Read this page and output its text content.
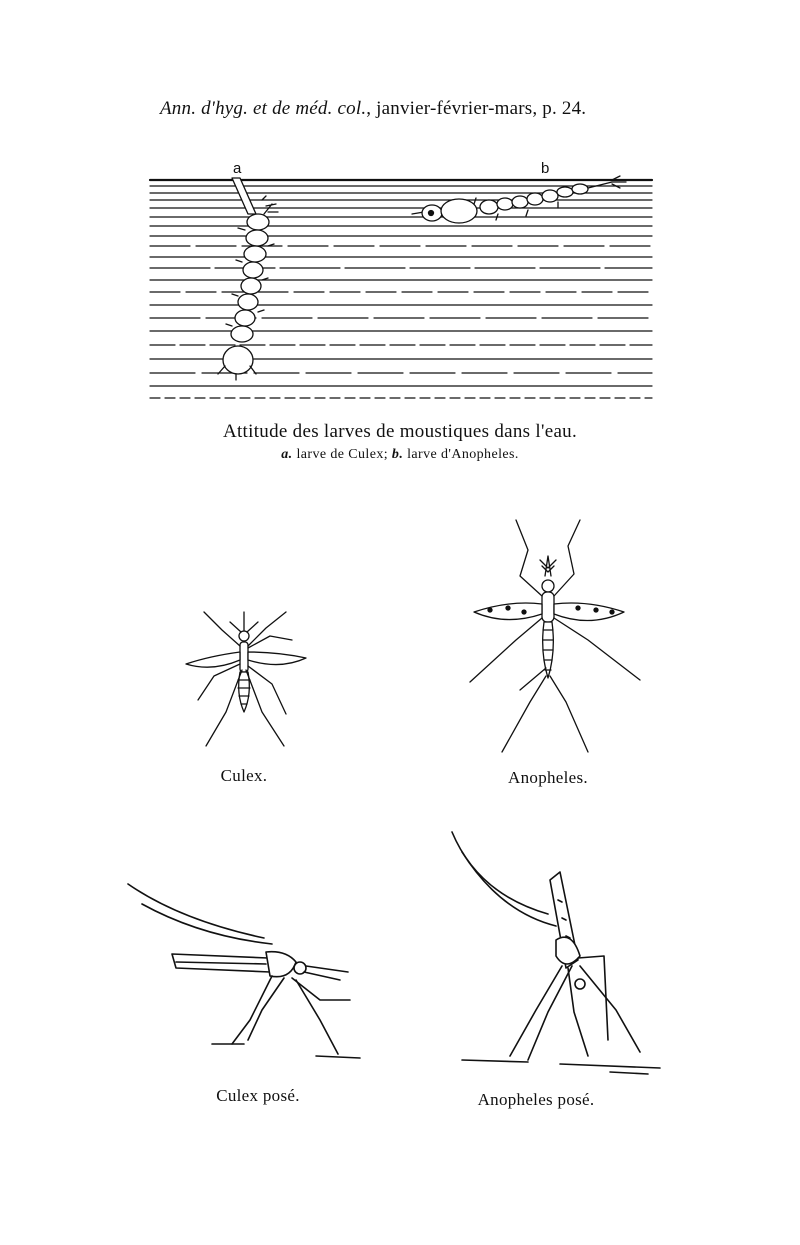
Ann. d'hyg. et de méd. col., janvier-février-mars, p. 24.
a	b
Attitude des larves de moustiques dans l'eau.
a. larve de Culex; b. larve d'Anopheles.
Culex.	Anopheles.
Culex posé.	Anopheles posé.
